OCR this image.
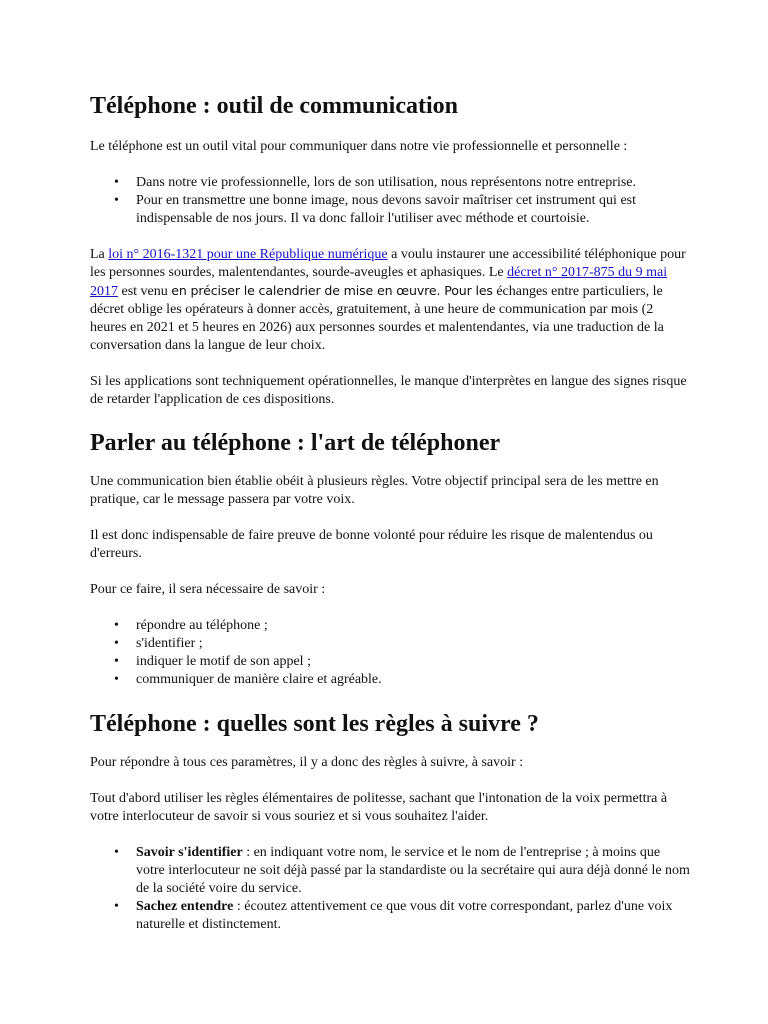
Téléphone : outil de communication

Le téléphone est un outil vital pour communiquer dans notre vie professionnelle et personnelle :

• Dans notre vie professionnelle, lors de son utilisation, nous représentons notre entreprise.
• Pour en transmettre une bonne image, nous devons savoir maîtriser cet instrument qui est indispensable de nos jours. Il va donc falloir l'utiliser avec méthode et courtoisie.

La loi n° 2016-1321 pour une République numérique a voulu instaurer une accessibilité téléphonique pour les personnes sourdes, malentendantes, sourde-aveugles et aphasiques. Le décret n° 2017-875 du 9 mai 2017 est venu en préciser le calendrier de mise en œuvre. Pour les échanges entre particuliers, le décret oblige les opérateurs à donner accès, gratuitement, à une heure de communication par mois (2 heures en 2021 et 5 heures en 2026) aux personnes sourdes et malentendantes, via une traduction de la conversation dans la langue de leur choix.

Si les applications sont techniquement opérationnelles, le manque d'interprètes en langue des signes risque de retarder l'application de ces dispositions.

Parler au téléphone : l'art de téléphoner

Une communication bien établie obéit à plusieurs règles. Votre objectif principal sera de les mettre en pratique, car le message passera par votre voix.

Il est donc indispensable de faire preuve de bonne volonté pour réduire les risque de malentendus ou d'erreurs.

Pour ce faire, il sera nécessaire de savoir :

• répondre au téléphone ;
• s'identifier ;
• indiquer le motif de son appel ;
• communiquer de manière claire et agréable.
Téléphone : quelles sont les règles à suivre ?

Pour répondre à tous ces paramètres, il y a donc des règles à suivre, à savoir :

Tout d'abord utiliser les règles élémentaires de politesse, sachant que l'intonation de la voix permettra à votre interlocuteur de savoir si vous souriez et si vous souhaitez l'aider.

• Savoir s'identifier : en indiquant votre nom, le service et le nom de l'entreprise ; à moins que votre interlocuteur ne soit déjà passé par la standardiste ou la secrétaire qui aura déjà donné le nom de la société voire du service.
• Sachez entendre : écoutez attentivement ce que vous dit votre correspondant, parlez d'une voix naturelle et distinctement.
